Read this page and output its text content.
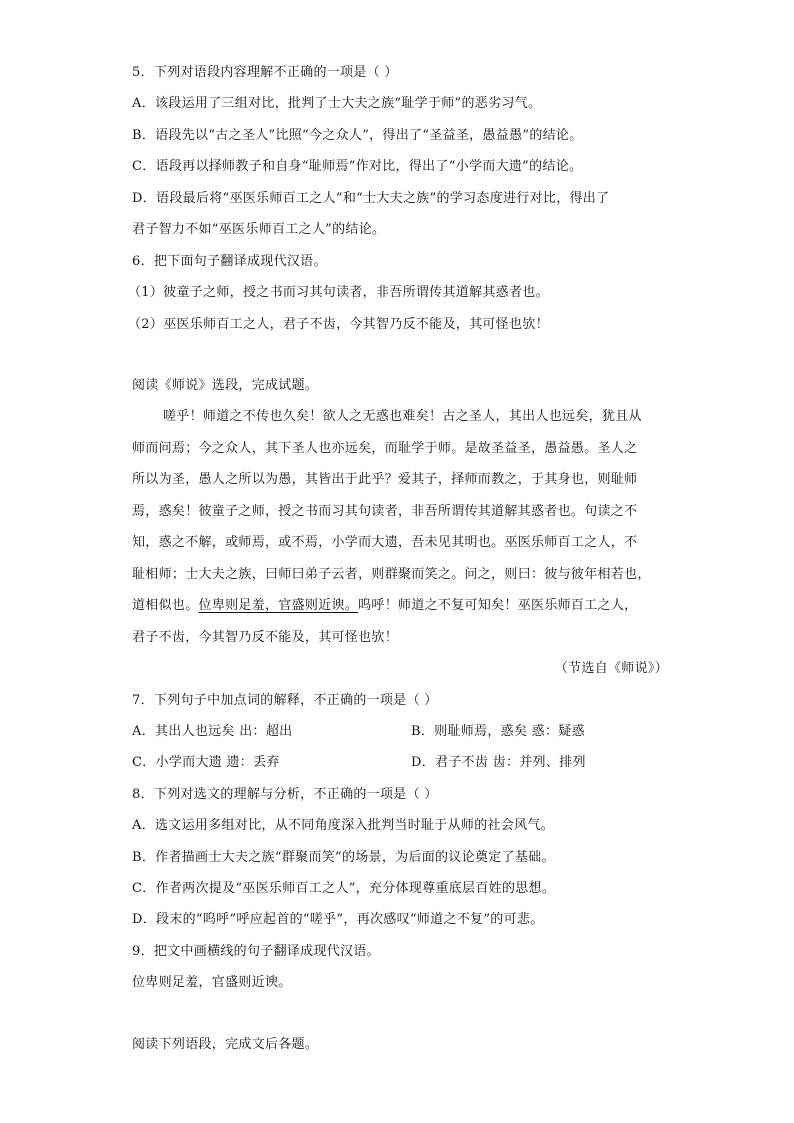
5．下列对语段内容理解不正确的一项是（ ）

A．该段运用了三组对比，批判了士大夫之族“耻学于师”的恶劣习气。

B．语段先以“古之圣人”比照“今之众人”，得出了“圣益圣，愚益愚”的结论。

C．语段再以择师教子和自身“耻师焉”作对比，得出了“小学而大遗”的结论。

D．语段最后将“巫医乐师百工之人”和“士大夫之族”的学习态度进行对比，得出了

君子智力不如“巫医乐师百工之人”的结论。

6．把下面句子翻译成现代汉语。

（1）彼童子之师，授之书而习其句读者，非吾所谓传其道解其惑者也。

（2）巫医乐师百工之人，君子不齿，今其智乃反不能及，其可怪也欤！

阅读《师说》选段，完成试题。

嗟乎！师道之不传也久矣！欲人之无惑也难矣！古之圣人，其出人也远矣，犹且从

师而问焉；今之众人，其下圣人也亦远矣，而耻学于师。是故圣益圣，愚益愚。圣人之

所以为圣，愚人之所以为愚，其皆出于此乎？爱其子，择师而教之，于其身也，则耻师

焉，惑矣！彼童子之师，授之书而习其句读者，非吾所谓传其道解其惑者也。句读之不

知，惑之不解，或师焉，或不焉，小学而大遗，吾未见其明也。巫医乐师百工之人，不

耻相师；士大夫之族，曰师曰弟子云者，则群聚而笑之。问之，则曰：彼与彼年相若也，

道相似也。位卑则足羞，官盛则近谀。呜呼！师道之不复可知矣！巫医乐师百工之人，

君子不齿，今其智乃反不能及，其可怪也欤！

（节选自《师说》）

7．下列句子中加点词的解释，不正确的一项是（ ）

A．其出人也远矣 出：超出	B．则耻师焉，惑矣 惑：疑惑

C．小学而大遗 遗：丢弃	D．君子不齿 齿：并列、排列

8．下列对选文的理解与分析，不正确的一项是（ ）

A．选文运用多组对比，从不同角度深入批判当时耻于从师的社会风气。

B．作者描画士大夫之族“群聚而笑”的场景，为后面的议论奠定了基础。

C．作者两次提及“巫医乐师百工之人”，充分体现尊重底层百姓的思想。

D．段末的“呜呼”呼应起首的“嗟乎”，再次感叹“师道之不复”的可悲。

9．把文中画横线的句子翻译成现代汉语。

位卑则足羞，官盛则近谀。

阅读下列语段，完成文后各题。
